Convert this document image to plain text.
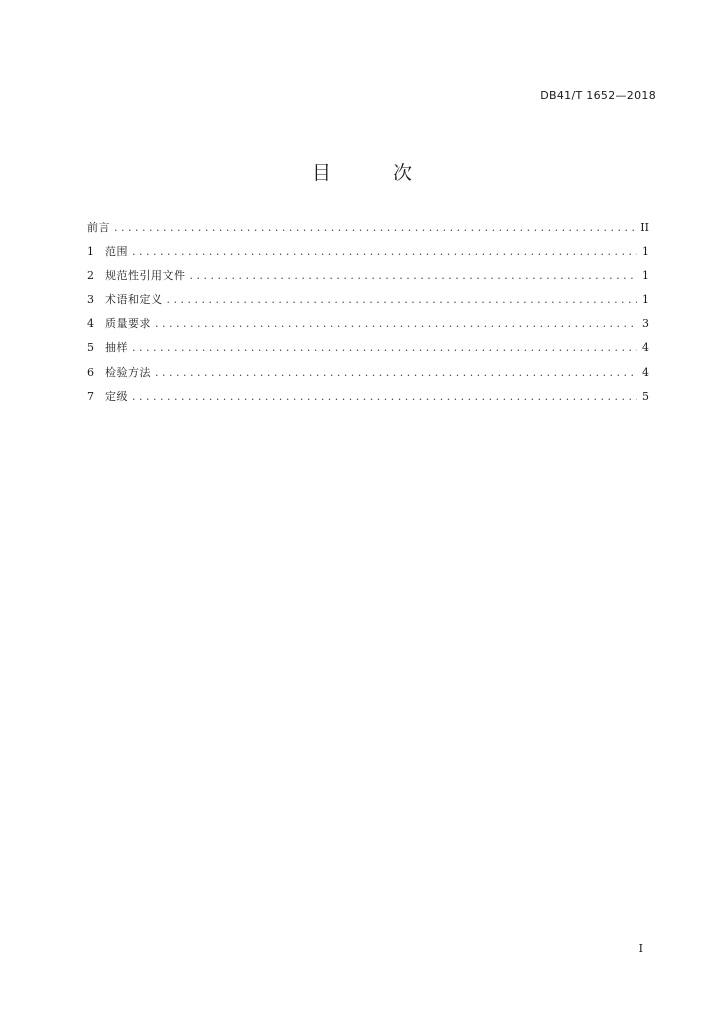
DB41/T 1652—2018
目 次
前言 . . .	II
1	范围 . . .	1
2	规范性引用文件 . . .	1
3	术语和定义 . . .	1
4	质量要求 . . .	3
5	抽样 . . .	4
6	检验方法 . . .	4
7	定级 . . .	5
I
